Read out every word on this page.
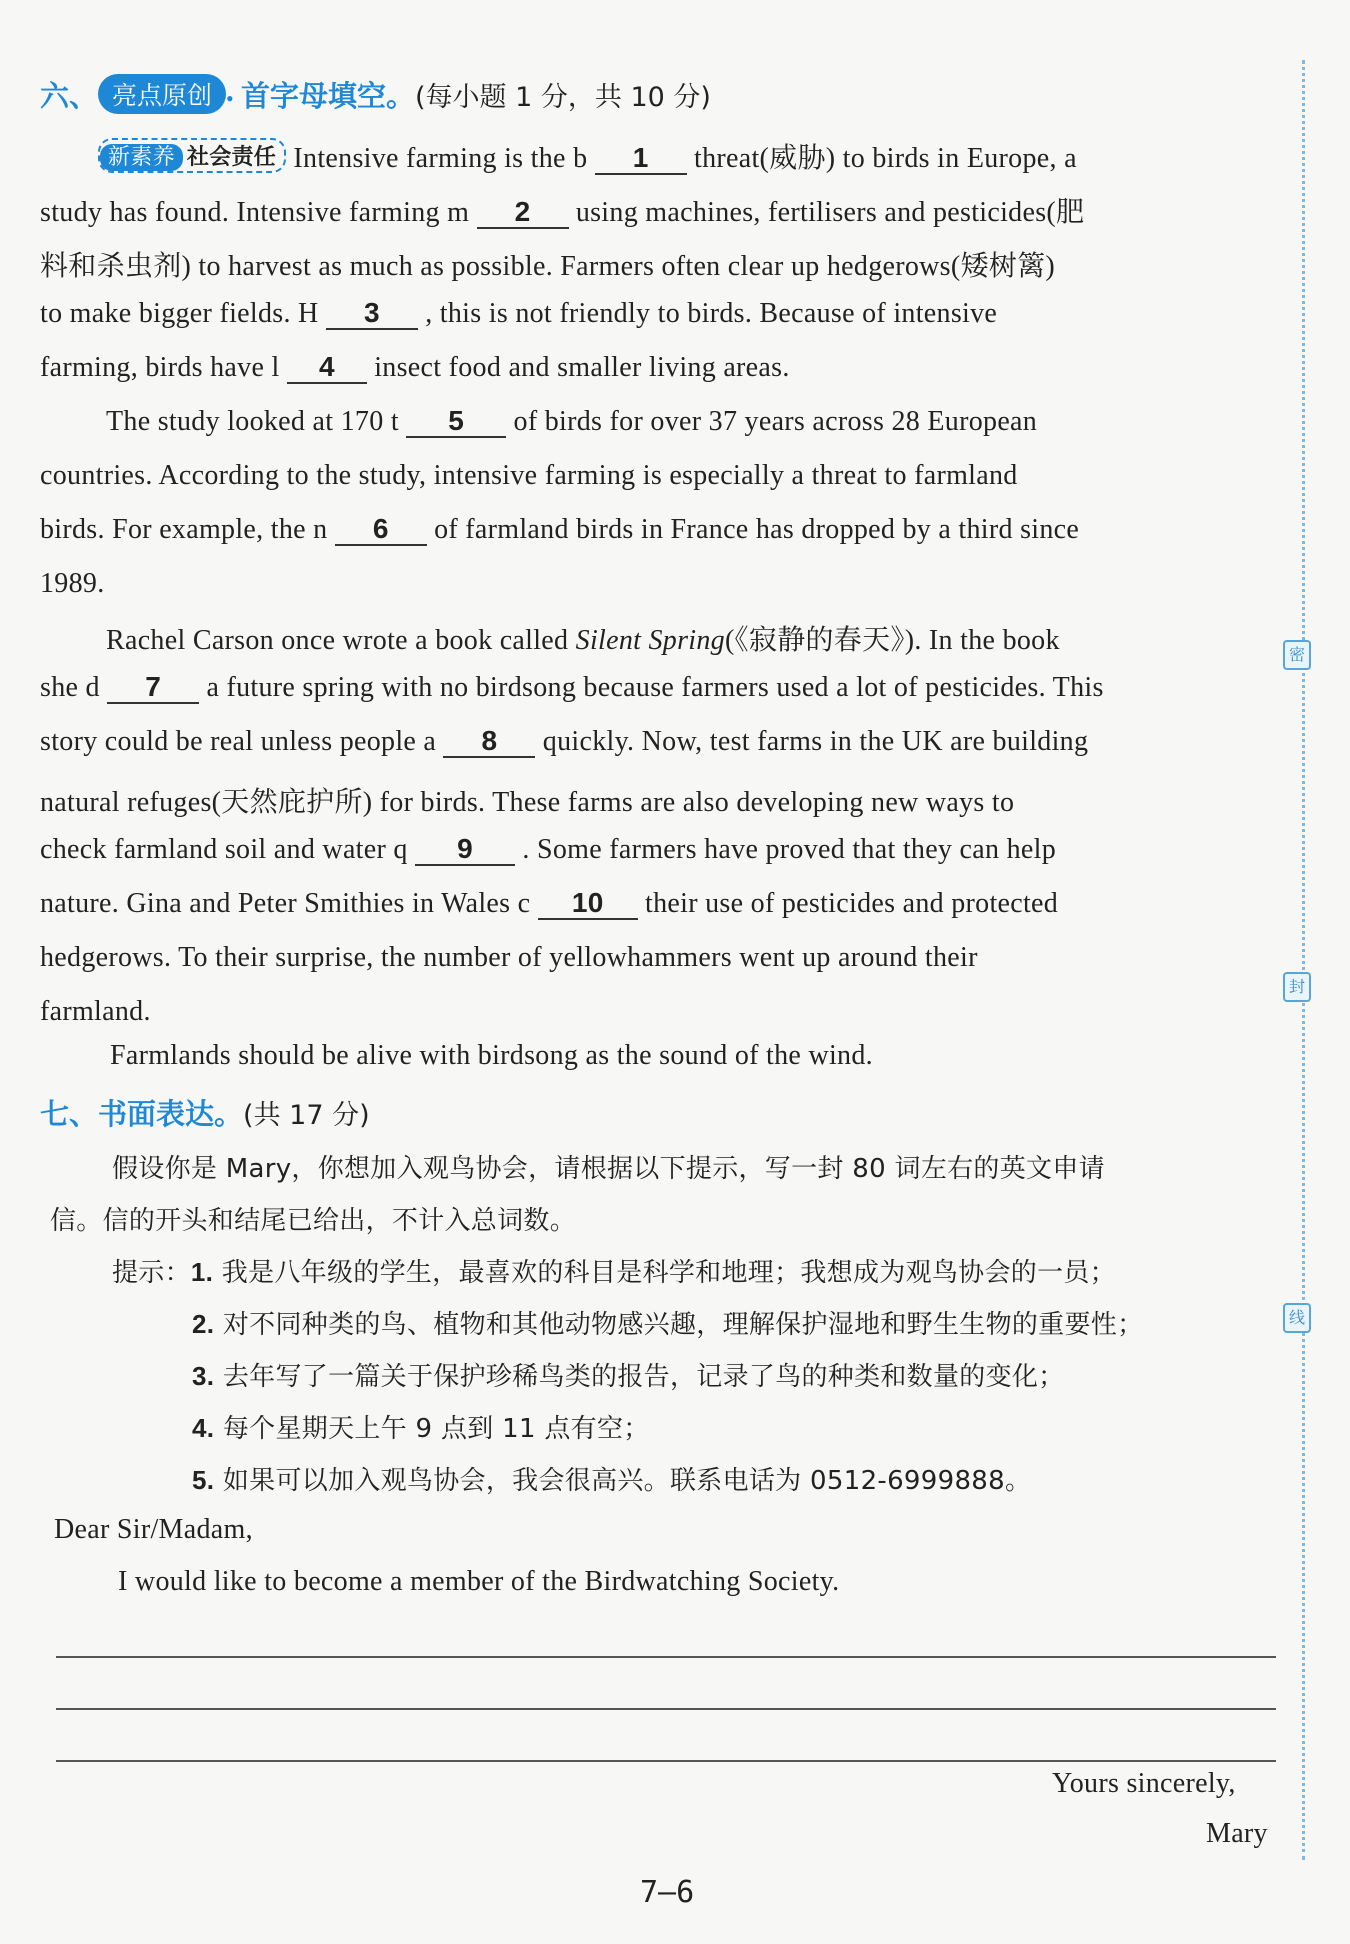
密
封
线
六、 亮点原创 • 首字母填空。(每小题 1 分，共 10 分)
新素养 社会责任 Intensive farming is the b 1 threat(威胁) to birds in Europe, a
study has found. Intensive farming m 2 using machines, fertilisers and pesticides(肥
料和杀虫剂) to harvest as much as possible. Farmers often clear up hedgerows(矮树篱)
to make bigger fields. H 3 , this is not friendly to birds. Because of intensive
farming, birds have l 4 insect food and smaller living areas.
The study looked at 170 t 5 of birds for over 37 years across 28 European
countries. According to the study, intensive farming is especially a threat to farmland
birds. For example, the n 6 of farmland birds in France has dropped by a third since
1989.
Rachel Carson once wrote a book called Silent Spring(《寂静的春天》). In the book
she d 7 a future spring with no birdsong because farmers used a lot of pesticides. This
story could be real unless people a 8 quickly. Now, test farms in the UK are building
natural refuges(天然庇护所) for birds. These farms are also developing new ways to
check farmland soil and water q 9 . Some farmers have proved that they can help
nature. Gina and Peter Smithies in Wales c 10 their use of pesticides and protected
hedgerows. To their surprise, the number of yellowhammers went up around their
farmland.
Farmlands should be alive with birdsong as the sound of the wind.
七、书面表达。(共 17 分)
假设你是 Mary，你想加入观鸟协会，请根据以下提示，写一封 80 词左右的英文申请
信。信的开头和结尾已给出，不计入总词数。
提示：1. 我是八年级的学生，最喜欢的科目是科学和地理；我想成为观鸟协会的一员；
2. 对不同种类的鸟、植物和其他动物感兴趣，理解保护湿地和野生生物的重要性；
3. 去年写了一篇关于保护珍稀鸟类的报告，记录了鸟的种类和数量的变化；
4. 每个星期天上午 9 点到 11 点有空；
5. 如果可以加入观鸟协会，我会很高兴。联系电话为 0512-6999888。
Dear Sir/Madam,
I would like to become a member of the Birdwatching Society.
Yours sincerely,
Mary
7—6
